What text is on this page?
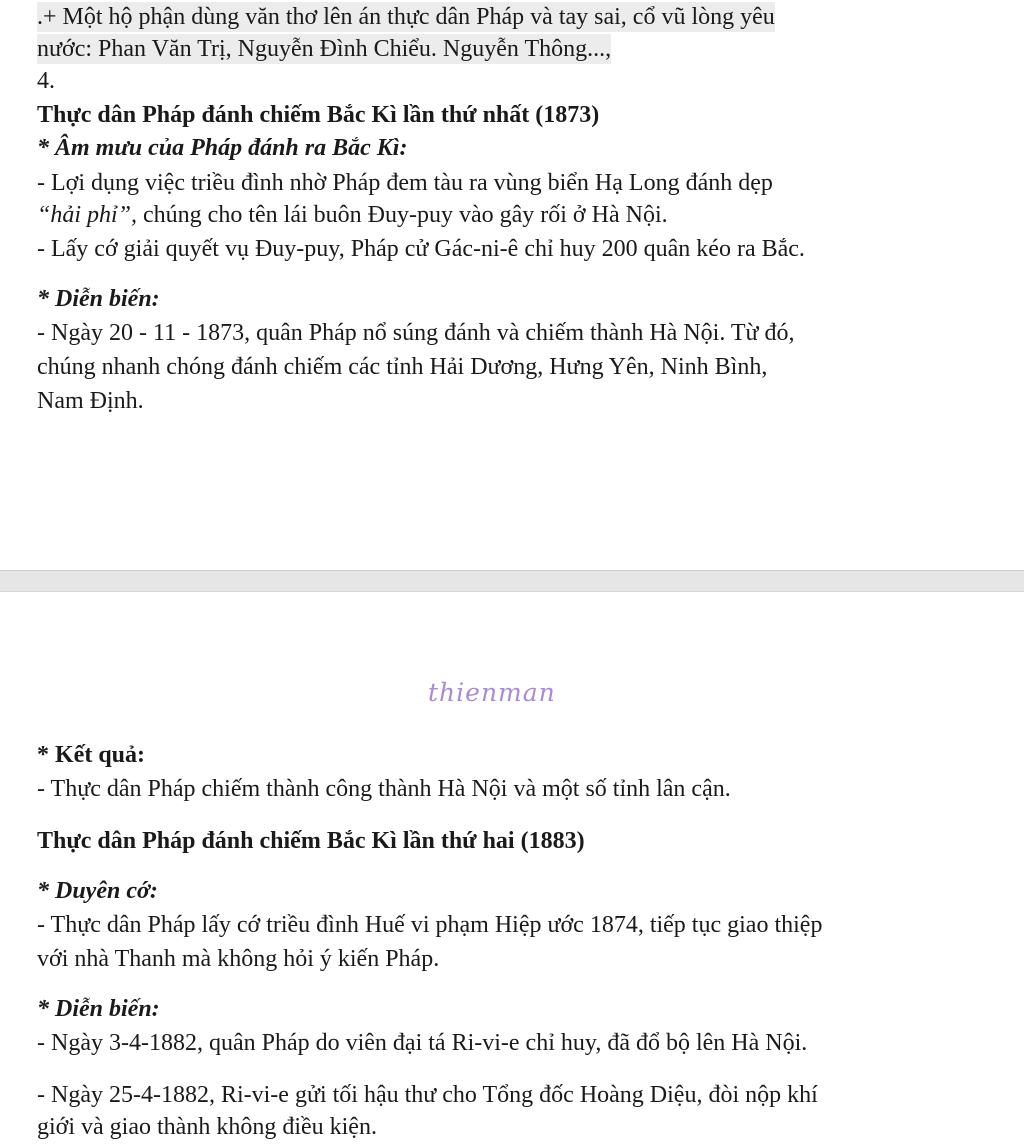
.+ Một hộ phận dùng văn thơ lên án thực dân Pháp và tay sai, cổ vũ lòng yêu
nước: Phan Văn Trị, Nguyễn Đình Chiểu. Nguyễn Thông...,
4.
Thực dân Pháp đánh chiếm Bắc Kì lần thứ nhất (1873)
* Âm mưu của Pháp đánh ra Bắc Kì:
- Lợi dụng việc triều đình nhờ Pháp đem tàu ra vùng biển Hạ Long đánh dẹp
“hải phỉ”, chúng cho tên lái buôn Đuy-puy vào gây rối ở Hà Nội.
- Lấy cớ giải quyết vụ Đuy-puy, Pháp cử Gác-ni-ê chỉ huy 200 quân kéo ra Bắc.
* Diễn biến:
- Ngày 20 - 11 - 1873, quân Pháp nổ súng đánh và chiếm thành Hà Nội. Từ đó,
chúng nhanh chóng đánh chiếm các tỉnh Hải Dương, Hưng Yên, Ninh Bình,
Nam Định.
thienman
* Kết quả:
- Thực dân Pháp chiếm thành công thành Hà Nội và một số tỉnh lân cận.
Thực dân Pháp đánh chiếm Bắc Kì lần thứ hai (1883)
* Duyên cớ:
- Thực dân Pháp lấy cớ triều đình Huế vi phạm Hiệp ước 1874, tiếp tục giao thiệp
với nhà Thanh mà không hỏi ý kiến Pháp.
* Diễn biến:
- Ngày 3-4-1882, quân Pháp do viên đại tá Ri-vi-e chỉ huy, đã đổ bộ lên Hà Nội.
- Ngày 25-4-1882, Ri-vi-e gửi tối hậu thư cho Tổng đốc Hoàng Diệu, đòi nộp khí
giới và giao thành không điều kiện.
